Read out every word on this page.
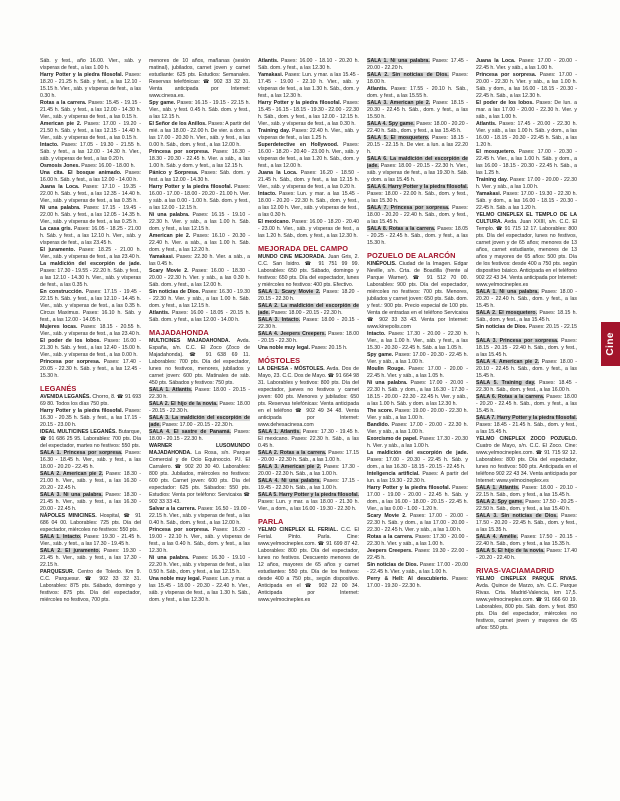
Sáb. y fest., año 16.00. Vier., sáb. y vísperas de fest., a las 1.00 h.

Harry Potter y la piedra filosofal. Pases: 18.20 - 21.25 h. Sáb. y fest., a las 12.10 - 15.15 h. Vier., sáb. y vísperas de fest., a las 0.30 h.

Rotas a la carrera. Pases: 15.45 - 19.15 - 21.45 h. Sáb. y fest., a las 12.00 - 14.30 h. Vier., sáb. y vísperas de fest., a las 0.15 h.

American pie 2. Pases: 17.00 - 19.20 - 21.50 h. Sáb. y fest., a las 12.15 - 14.40 h. Vier., sáb. y vísperas de fest., a las 0.15 h.

Intacto. Pases: 17.05 - 19.30 - 21.55 h. Sáb. y fest., a las 12.00 - 14.30 h. Vier., sáb. y vísperas de fest., a las 0.20 h.

Osmosis Jones. Pases: 16.00 - 18.00 h.

Una cita. El bosque animado. Pases: 16.00 h. Sáb. y fest., a las 12.00 - 14.00 h.

Juana la Loca. Pases: 17.10 - 19.35 - 22.00 h. Sáb. y fest., a las 12.35 - 14.40 h. Vier., sáb. y vísperas de fest., a las 0.35 h.

Ni una palabra. Pases: 17.15 - 19.45 - 22.00 h. Sáb. y fest., a las 12.05 - 14.35 h. Vier., sáb. y vísperas de fest., a las 0.25 h.

La casa gris. Pases: 16.05 - 18.25 - 21.00 h. Sáb. y fest., a las 12.10 h. Vier., sáb. y vísperas de fest., a las 23.45 h.

El juramento. Pases: 18.25 - 21.00 h. Vier., sáb. y vísperas de fest., a las 23.40 h.

La maldición del escorpión de jade. Pases: 17.30 - 19.55 - 22.20 h. Sáb. y fest., a las 12.10 - 14.30 h. Vier., sáb. y vísperas de fest., a las 0.35 h.

En construcción. Pases: 17.15 - 19.45 - 22.15 h. Sáb. y fest., a las 12.10 - 14.45 h. Vier., sáb. y vísperas de fest., a las 0.35 h. Circus Maximus. Pases: 16.10 h. Sáb. y fest., a las 12.00 - 14.05 h.

Mujeres locas. Pases: 18.15 - 20.55 h. Vier., sáb. y vísperas de fest., a las 23.40 h.

El poder de los lobos. Pases: 16.00 - 21.30 h. Sáb. y fest., a las 12.40 - 15.00 h. Vier., sáb. y vísperas de fest., a las 0.00 h.

Princesa por sorpresa. Pases: 17.40 - 20.05 - 22.30 h. Sáb. y fest., a las 12.45 - 15.30 h.

LEGANÉS

AVENIDA LEGANÉS. Chorro, 8. ☎ 91 693 69 80. Todos los días 750 pts.

Harry Potter y la piedra filosofal. Pases: 16.30 - 20.35 h. Sáb. y fest., a las 17.15 - 20.15 - 23.00 h.

IDEAL MULTICINES LEGANÉS. Butarque, ☎ 91 686 25 95. Laborables: 700 pts. Día del espectador, martes no festivos: 550 pts.

SALA 1. Princesa por sorpresa. Pases: 16.30 - 18.45 h. Vier., sáb. y fest., a las 18.00 - 20.20 - 22.45 h.

SALA 2. American pie 2. Pases: 18.30 - 21.00 h. Vier., sáb. y fest., a las 16.30 - 20.20 - 22.45 h.

SALA 3. Ni una palabra. Pases: 18.30 - 21.45 h. Vier., sáb. y fest., a las 16.30 - 20.00 - 22.45 h.

NÁPOLES MINICINES. Hospital, ☎ 91 686 04 00. Laborables: 725 pts. Día del espectador, miércoles no festivos: 550 pts.

SALA 1. Intacto. Pases: 19.30 - 21.45 h. Vier., sáb. y fest., a las 17.30 - 19.45 h.

SALA 2. El juramento. Pases: 19.30 - 21.45 h. Vier., sáb. y fest., a las 17.30 - 22.15 h.

PARQUESUR. Centro de Toledo. Km 9. C.C. Parquesur. ☎ 902 33 32 31. Laborables: 875 pts. Sábado, domingo y festivos: 875 pts. Día del espectador, miércoles no festivos, 700 pts.

menores de 10 años, mañanas (sesión matinal), jubilados, carnet joven y carnet estudiante: 625 pts. Estudios: Semanales. Reservas telefónicas: ☎ 902 33 32 31. Venta anticipada por Internet: www.cinesa.es.

Spy game. Pases: 16.15 - 19.15 - 22.15 h. Vier., sáb. y fest. 0.45 h. Sáb. dom. y fest., a las 12.15 h.

El Señor de los Anillos. Pases: A partir del mié. a las 18.00 - 22.00 h. De vier. a dom. a las 17.00 - 20.30 h. Vier., sáb. y fest., a las 0.00 h. Sáb., dom. y fest., a las 12.00 h.

Princesa por sorpresa. Pases: 16.30 - 18.30 - 20.30 - 22.45 h. Vier. a sáb., a las 1.00 h. Sáb. y dom. y fest., a las 12.15 h.

Pánico y Sorpresa. Pases: Sáb. dom. y fest. a las 12.00 - 14.30 h.

Harry Potter y la piedra filosofal. Pases: 16.00 - 17.00 - 18.00 - 20.20 - 21.00 h. Vier. y sáb. a las 0.00 - 1.00 h. Sáb. dom. y fest., a las 12.00 - 12.15 h.

Ni una palabra. Pases: 16.15 - 19.10 - 22.30 h. Vier. y sáb., a las 1.00 h. Sáb. dom. y fest., a las 12.15 h.

American pie 2. Pases: 16.10 - 20.30 - 22.40 h. Vier. a sáb., a las 1.00 h. Sáb. dom. y fest., a las 12.20 h.

Yamakasi. Pases: 22.30 h. Vier. a sáb., a las 0.45 h.

Scary Movie 2. Pases: 16.00 - 18.30 - 20.00 - 22.30 h. Vier. y sáb., a las 0.30 h. Sáb. dom. y fest., a las 12.00 h.

Sin noticias de Dios. Pases: 16.30 - 19.30 - 22.30 h. Vier. y sáb., a las 1.00 h. Sáb. dom. y fest., a las 12.15 h.

Atlantis. Pases: 16.00 - 18.05 - 20.15 h. Sáb. dom. y fest., a las 12.00 - 14.00 h.

MAJADAHONDA

MULTICINES MAJADAHONDA. Avda. España, s/n. C.C. El Zoco (Zoco de Majadahonda). ☎ 91 638 69 11. Laborables: 700 pts. Día del espectador, lunes no festivos, menores, jubilados y carnet joven: 600 pts. Matinales de sáb. 450 pts. Sábados y festivos: 750 pts.

SALA 1. Atlantis. Pases: 18.00 - 20.15 - 22.30 h.

SALA 2. El hijo de la novia. Pases: 18.00 - 20.15 - 22.30 h.

SALA 3. La maldición del escorpión de jade. Pases: 17.00 - 20.15 - 22.30 h.

SALA 4. El sastre de Panamá. Pases: 18.00 - 20.15 - 22.30 h.

WARNER LUSOMUNDO MAJADAHONDA. La Rosa, s/n. Parque Comercial y de Ocio Equinoccio. P.I. El Carralero. ☎ 902 20 30 40. Laborables: 800 pts. Jubilados, miércoles no festivos: 600 pts. Carnet joven: 600 pts. Día del espectador: 625 pts. Sábados: 550 pts. Estudios: Venta por teléfono: Servicaixa ☎ 902 33 33 43.

Salvar a la carrera. Pases: 16.50 - 19.00 - 22.15 h. Vier., sáb. y vísperas de fest., a las 0.40 h. Sáb., dom. y fest., a las 12.00 h.

Princesa por sorpresa. Pases: 16.20 - 19.00 - 22.10 h. Vier., sáb. y vísperas de fest., a las 0.40 h. Sáb., dom. y fest., a las 12.30 h.

Ni una palabra. Pases: 16.30 - 19.10 - 22.20 h. Vier., sáb. y vísperas de fest., a las 0.50 h. Sáb., dom. y fest., a las 12.15 h.

Una noble muy legal. Pases: Lun. y mar. a las 15.45 - 18.00 - 20.30 - 22.40 h. Vier., sáb. y vísperas de fest., a las 1.30 h. Sáb., dom. y fest., a las 12.30 h.

Atlantis. Pases: 16.00 - 18.10 - 20.20 h. Sáb. dom. y fest., a las 12.30 h.

Yamakasi. Pases: Lun. y mar. a las 15.45 - 17.45 - 19.00 - 22.10 h. Vier., sáb. y vísperas de fest., a las 1.30 h. Sáb., dom. y fest., a las 12.30 h.

Harry Potter y la piedra filosofal. Pases: 15.45 - 16.15 - 18.15 - 19.30 - 22.00 - 22.30 h. Sáb., dom. y fest., a las 12.00 - 12.15 h. Vier., sáb. y vísperas de fest., a las 0.30 h.

Training day. Pases: 22.40 h. Vier., sáb. y vísperas de fest., a las 1.25 h.

Superdetective en Hollywood. Pases: 16.00 - 18.20 - 20.40 - 23.00 h. Vier., sáb. y vísperas de fest., a las 1.20 h. Sáb., dom. y fest., a las 12.00 h.

Juana la Loca. Pases: 16.20 - 18.50 - 21.45 h. Sáb., dom. y fest., a las 12.15 h. Vier., sáb. y vísperas de fest., a las 0.20 h.

Intacto. Pases: Lun. y mar. a las 15.45 - 18.00 - 20.20 - 22.30 h. Sáb., dom. y fest., a las 12.00 h. Vier., sáb. y vísperas de fest., a las 0.30 h.

El mexicano. Pases: 16.00 - 18.20 - 20.40 - 23.00 h. Vier., sáb. y vísperas de fest., a las 1.20 h. Sáb., dom. y fest., a las 12.30 h.

MEJORADA DEL CAMPO

MUNDO CINE MEJORADA. Juan Gris, 2. C.C. San Isidro. ☎ 91 751 99 99. Laborables: 650 pts. Sábado, domingo y festivos: 650 pts. Día del espectador, lunes y miércoles no festivos: 400 pts. Efectivo.

SALA 1. Scary Movie 2. Pases: 18.20 - 20.15 - 22.30 h.

SALA 2. La maldición del escorpión de jade. Pases: 18.00 - 20.15 - 22.30 h.

SALA 3. Intacto. Pases: 18.00 - 20.15 - 22.30 h.

SALA 4. Jeepers Creepers. Pases: 18.00 - 20.15 - 22.30 h.

Una noble muy legal. Pases: 20.15 h.

MÓSTOLES

LA DEHESA - MÓSTOLES. Avda. Dos de Mayo, 23. C.C. Dos de Mayo. ☎ 91 664 98 31. Laborables y festivos: 800 pts. Día del espectador, jueves no festivos y carnet joven: 600 pts. Menores y jubilados: 650 pts. Reservas telefónicas: Venta anticipada en el teléfono ☎ 902 49 34 48. Venta anticipada por Internet: www.dehesacinesa.com

SALA 1. Atlantis. Pases: 17.30 - 19.45 h. El mexicano. Pases: 22.30 h. Sáb., a las 0.45 h.

SALA 2. Rotas a la carrera. Pases: 17.15 - 20.00 - 22.30 h. Sáb., a las 1.00 h.

SALA 3. American pie 2. Pases: 17.30 - 20.00 - 22.30 h. Sáb., a las 1.00 h.

SALA 4. Ni una palabra. Pases: 17.15 - 19.45 - 22.30 h. Sáb., a las 1.00 h.

SALA 5. Harry Potter y la piedra filosofal. Pases: Lun. y mar. a las 18.00 - 21.30 h. Vier., a dom., a las 16.00 - 19.30 - 22.30 h.

PARLA

YELMO CINEPLEX EL FERIAL. C.C. El Ferial. Pinto. Parla. Cine: www.yelmocineplex.com. ☎ 91 699 87 42. Laborables: 800 pts. Día del espectador, lunes no festivos. Descuento menores de 12 años, mayores de 65 años y carnet estudiantes: 550 pts. Día de los festivos: desde 400 a 750 pts., según dispositivo. Anticipada en el ☎ 902 22 00 34. Anticipada por Internet: www.yelmocineplex.es

SALA 1. Ni una palabra. Pases: 17.45 - 20.00 - 22.20 h.

SALA 2. Sin noticias de Dios. Pases: 18.00 h.

Atlantis. Pases: 17.55 - 20.10 h. Sáb., dom. y fest., a las 15.55 h.

SALA 3. American pie 2. Pases: 18.15 - 20.30 - 22.45 h. Sáb., dom. y fest., a las 15.50 h.

SALA 4. Spy game. Pases: 18.00 - 20.20 - 22.40 h. Sáb., dom. y fest., a las 15.45 h.

SALA 5. El mosquetero. Pases: 18.15 - 20.15 - 22.15 h. De vier. a lun. a las 22.20 h.

SALA 6. La maldición del escorpión de jade. Pases: 18.00 - 20.15 - 22.30 h. Vier., sáb. y vísperas de fest., a las 19.30 h. Sáb. y dom. a las 15.45 h.

SALA 6. Harry Potter y la piedra filosofal. Pases: 18.00 - 22.00 h. Sáb., dom. y fest., a las 15.30 h.

SALA 7. Princesa por sorpresa. Pases: 18.00 - 20.20 - 22.40 h. Sáb., dom. y fest., a las 15.45 h.

SALA 8. Rotas a la carrera. Pases: 18.05 - 20.25 - 22.45 h. Sáb., dom. y fest., a las 15.30 h.

POZUELO DE ALARCÓN

KINÉPOLIS. Ciudad de la Imagen. Edgar Neville, s/n. Crta. de Boadilla (frente al Parque Warner). ☎ 91 512 70 00. Laborables: 900 pts. Día del espectador, miércoles no festivos: 700 pts. Menores, jubilados y carnet joven: 650 pts. Sáb. dom. y fest.: 900 pts. Precio especial de 100 pts. Venta de entradas en el teléfono Servicaixa ☎ 902 33 33 43. Venta por Internet: www.kinepolis.com

Intacto. Pases: 17.30 - 20.00 - 22.30 h. Vier., a las 1.00 h. Vier., sáb. y fest., a las 15.30 - 20.30 - 22.45 h. Sáb. a las 1.05 h.

Spy game. Pases: 17.00 - 20.30 - 22.45 h. Vier. y sáb., a las 1.00 h.

Moulin Rouge. Pases: 17.00 - 20.00 - 22.45 h. Vier. y sáb., a las 1.05 h.

Ni una palabra. Pases: 17.00 - 20.00 - 22.30 h. Sáb. y dom., a las 16.30 - 17.30 - 18.15 - 20.00 - 22.30 - 22.45 h. Vier. y sáb., a las 1.00 h. Sáb. y dom. a las 12.30 h.

The score. Pases: 19.00 - 20.00 - 22.30 h. Vier. y sáb., a las 1.00 h.

Bandido. Pases: 17.00 - 20.00 - 22.30 h. Vier. y sáb., a las 1.00 h.

Exorcismo de papel. Pases: 17.30 - 20.30 h. Vier. y sáb., a las 1.00 h.

La maldición del escorpión de jade. Pases: 17.00 - 20.30 - 22.45 h. Sáb. y dom., a las 16.30 - 18.15 - 20.15 - 22.45 h.

Inteligencia artificial. Pases: A partir del lun. a las 19.30 - 22.30 h.

Harry Potter y la piedra filosofal. Pases: 17.00 - 19.00 - 20.00 - 22.45 h. Sáb. y dom., a las 16.00 - 18.00 - 20.15 - 22.45 h. Vier., a las 0.00 - 1.00 - 1.20 h.

Scary Movie 2. Pases: 17.00 - 20.00 - 22.30 h. Sáb. y dom., a las 17.00 - 20.00 - 22.30 - 22.45 h. Vier. y sáb., a las 1.00 h.

Rotas a la carrera. Pases: 17.30 - 20.00 - 22.30 h. Vier. y sáb., a las 1.00 h.

Jeepers Creepers. Pases: 19.30 - 22.00 - 22.45 h.

Sin noticias de Dios. Pases: 17.00 - 20.00 - 22.45 h. Vier. y sáb., a las 1.00 h.

Perry & Hell: Al descubierto. Pases: 17.00 - 19.30 - 22.30 h.

Juana la Loca. Pases: 17.00 - 20.00 - 22.45 h. Vier. y sáb., a las 1.00 h.

Princesa por sorpresa. Pases: 17.00 - 20.00 - 22.30 h. Vier. y sáb., a las 1.00 h. Sáb. y dom., a las 16.00 - 18.15 - 20.30 - 22.45 h. Sáb., a las 12.30 h.

El poder de los lobos. Pases: De lun. a mar. a las 17.00 - 20.00 - 22.30 h. Vier. y sáb., a las 1.00 h.

Atlantis. Pases: 17.45 - 20.00 - 22.30 h. Vier. y sáb., a las 1.00 h. Sáb. y dom., a las 16.00 - 18.15 - 20.30 - 22.45 h. Sáb., a las 1.20 h.

El mosquetero. Pases: 17.00 - 20.30 - 22.45 h. Vier., a las 1.00 h. Sáb. y dom., a las 16.00 - 18.15 - 20.30 - 22.45 h. Sáb., a las 1.25 h.

Training day. Pases: 17.00 - 20.00 - 22.30 h. Vier. y sáb., a las 1.00 h.

Yamakasi. Pases: 17.00 - 19.30 - 22.30 h. Sáb. y dom., a las 16.00 - 18.15 - 20.30 - 22.45 h. Sáb. a las 1.20 h.

YELMO CINEPLEX EL TEMPLO DE LA CULTURA. Avda. Juan XXIII, s/n. C.C. El Templo. ☎ 91 715 12 17. Laborables: 800 pts. Día del espectador, lunes no festivos, carnet joven y de 65 años; menores de 13 años, carnet estudiante, menores de 13 años y mayores de 65 años: 500 pts. Día de los festivos: desde 400 a 750 pts. según dispositivo básico. Anticipada en el teléfono 902 22 43 34. Venta anticipada por Internet: www.yelmocineplex.es

SALA 1. Ni una palabra. Pases: 18.00 - 20.20 - 22.40 h. Sáb., dom. y fest., a las 15.45 h.

SALA 2. El mosquetero. Pases: 18.15 h. Sáb., dom. y fest., a las 15.45 h.

Sin noticias de Dios. Pases: 20.15 - 22.15 h.

SALA 3. Princesa por sorpresa. Pases: 18.15 - 20.15 - 22.40 h. Sáb., dom. y fest., a las 15.45 h.

SALA 4. American pie 2. Pases: 18.00 - 20.10 - 22.45 h. Sáb., dom. y fest., a las 15.45 h.

SALA 5. Training day. Pases: 18.45 - 22.30 h. Sáb., dom. y fest., a las 16.00 h.

SALA 6. Rotas a la carrera. Pases: 18.00 - 20.20 - 22.45 h. Sáb., dom. y fest., a las 15.45 h.

SALA 7. Harry Potter y la piedra filosofal. Pases: 18.45 - 21.45 h. Sáb., dom. y fest., a las 15.45 h.

YELMO CINEPLEX ZOCO POZUELO. Cuatro de Mayo, s/n. C.C. El Zoco. Cine: www.yelmocineplex.com. ☎ 91 715 92 12. Laborables: 800 pts. Día del espectador, lunes no festivos: 500 pts. Anticipada en el teléfono 902 22 43 34. Venta anticipada por Internet: www.yelmocineplex.es

SALA 1. Atlantis. Pases: 18.00 - 20.10 - 22.15 h. Sáb., dom. y fest., a las 15.45 h.

SALA 2. Spy game. Pases: 17.50 - 20.25 - 22.50 h. Sáb., dom. y fest., a las 15.40 h.

SALA 3. Sin noticias de Dios. Pases: 17.50 - 20.20 - 22.45 h. Sáb., dom. y fest., a las 15.35 h.

SALA 4. Amélie. Pases: 17.50 - 20.15 - 22.40 h. Sáb., dom. y fest., a las 15.35 h.

SALA 5. El hijo de la novia. Pases: 17.40 - 20.20 - 22.40 h.

RIVAS-VACIAMADRID

YELMO CINEPLEX PARQUE RIVAS. Avda. Quince de Marzo, s/n. C.C. Parque Rivas. Crta. Madrid-Valencia, km 17,5. www.yelmocineplex.com. ☎ 91 666 60 19. Laborables, 800 pts. Sáb. dom. y fest. 850 pts. Día del espectador, miércoles no festivos, carnet joven y mayores de 65 años: 550 pts.

Cine
